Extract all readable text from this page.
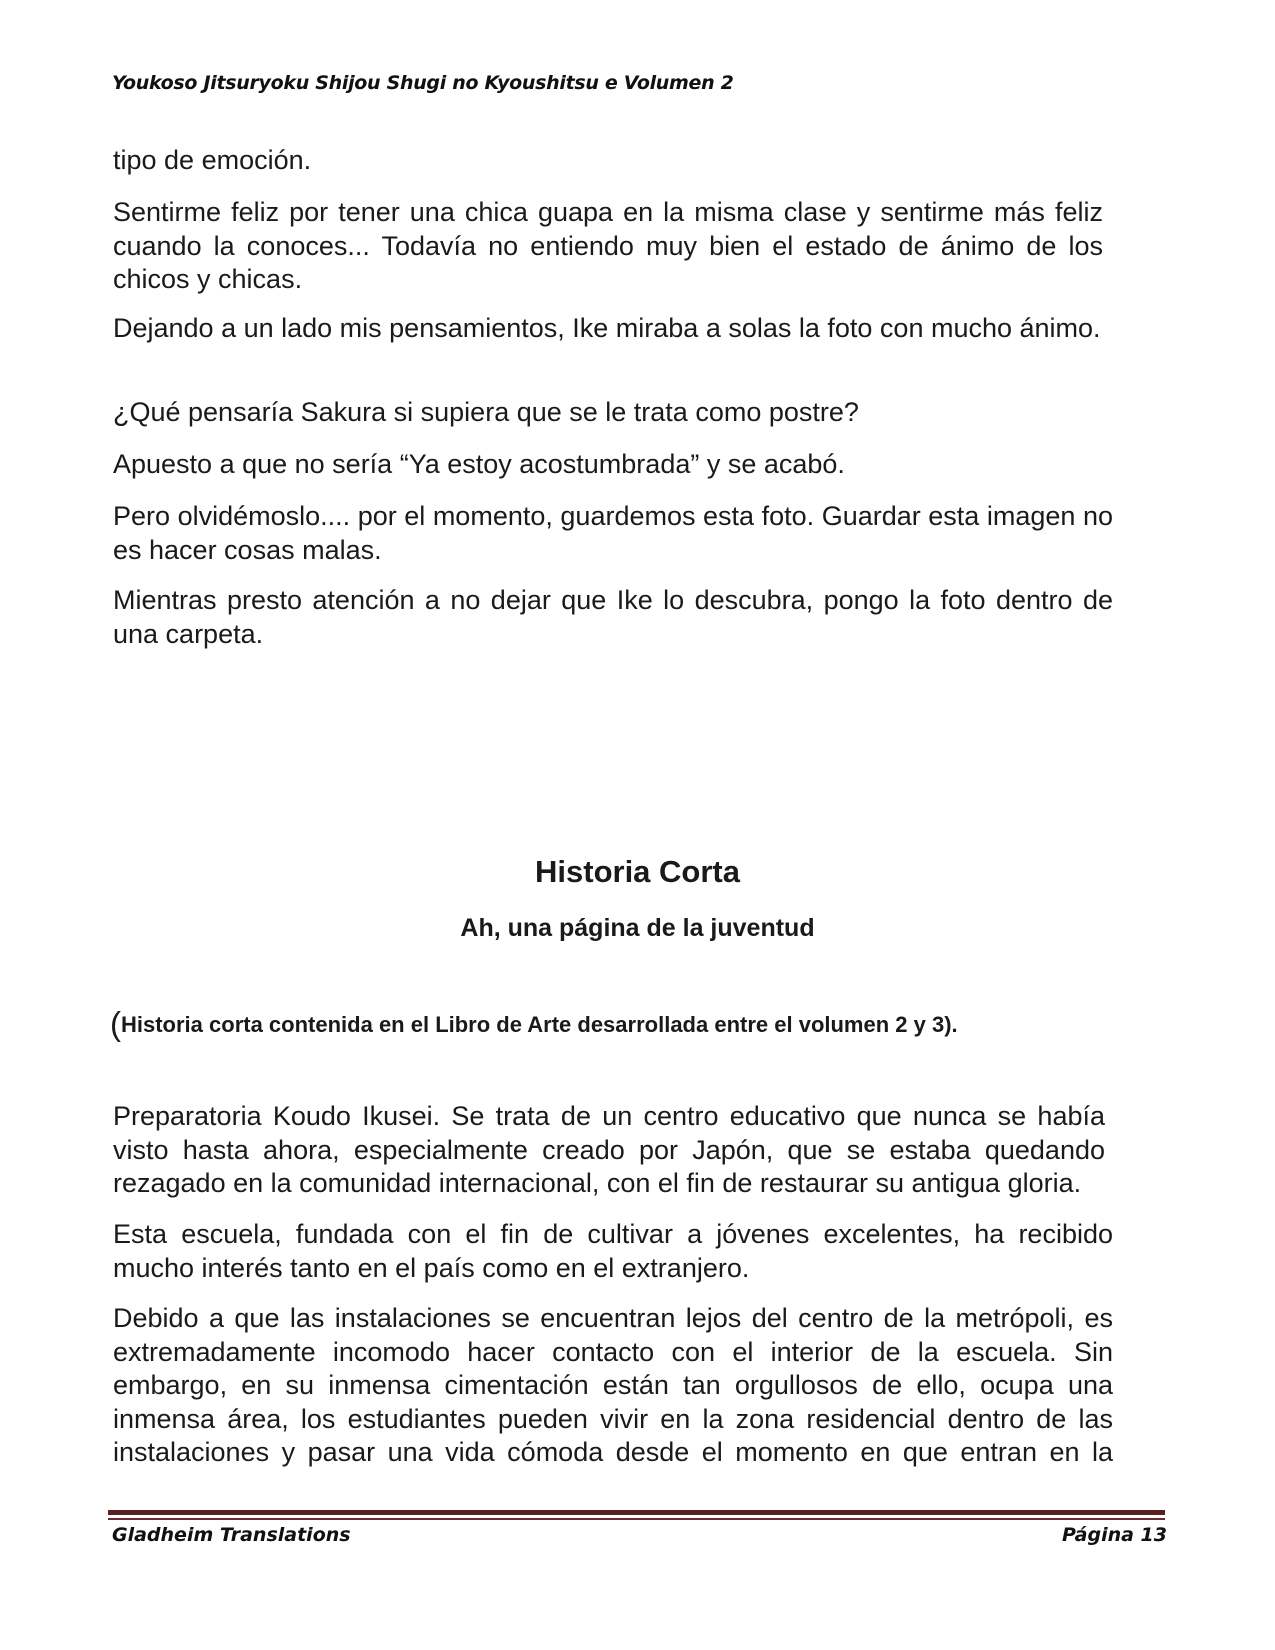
Youkoso Jitsuryoku Shijou Shugi no Kyoushitsu e Volumen 2

tipo de emoción.

Sentirme feliz por tener una chica guapa en la misma clase y sentirme más feliz cuando la conoces... Todavía no entiendo muy bien el estado de ánimo de los chicos y chicas.

Dejando a un lado mis pensamientos, Ike miraba a solas la foto con mucho ánimo.

¿Qué pensaría Sakura si supiera que se le trata como postre?

Apuesto a que no sería “Ya estoy acostumbrada” y se acabó.

Pero olvidémoslo.... por el momento, guardemos esta foto. Guardar esta imagen no es hacer cosas malas.

Mientras presto atención a no dejar que Ike lo descubra, pongo la foto dentro de una carpeta.

Historia Corta
Ah, una página de la juventud

(Historia corta contenida en el Libro de Arte desarrollada entre el volumen 2 y 3).

Preparatoria Koudo Ikusei. Se trata de un centro educativo que nunca se había visto hasta ahora, especialmente creado por Japón, que se estaba quedando rezagado en la comunidad internacional, con el fin de restaurar su antigua gloria.

Esta escuela, fundada con el fin de cultivar a jóvenes excelentes, ha recibido mucho interés tanto en el país como en el extranjero.

Debido a que las instalaciones se encuentran lejos del centro de la metrópoli, es extremadamente incomodo hacer contacto con el interior de la escuela. Sin embargo, en su inmensa cimentación están tan orgullosos de ello, ocupa una inmensa área, los estudiantes pueden vivir en la zona residencial dentro de las instalaciones y pasar una vida cómoda desde el momento en que entran en la

Gladheim Translations	Página 13
